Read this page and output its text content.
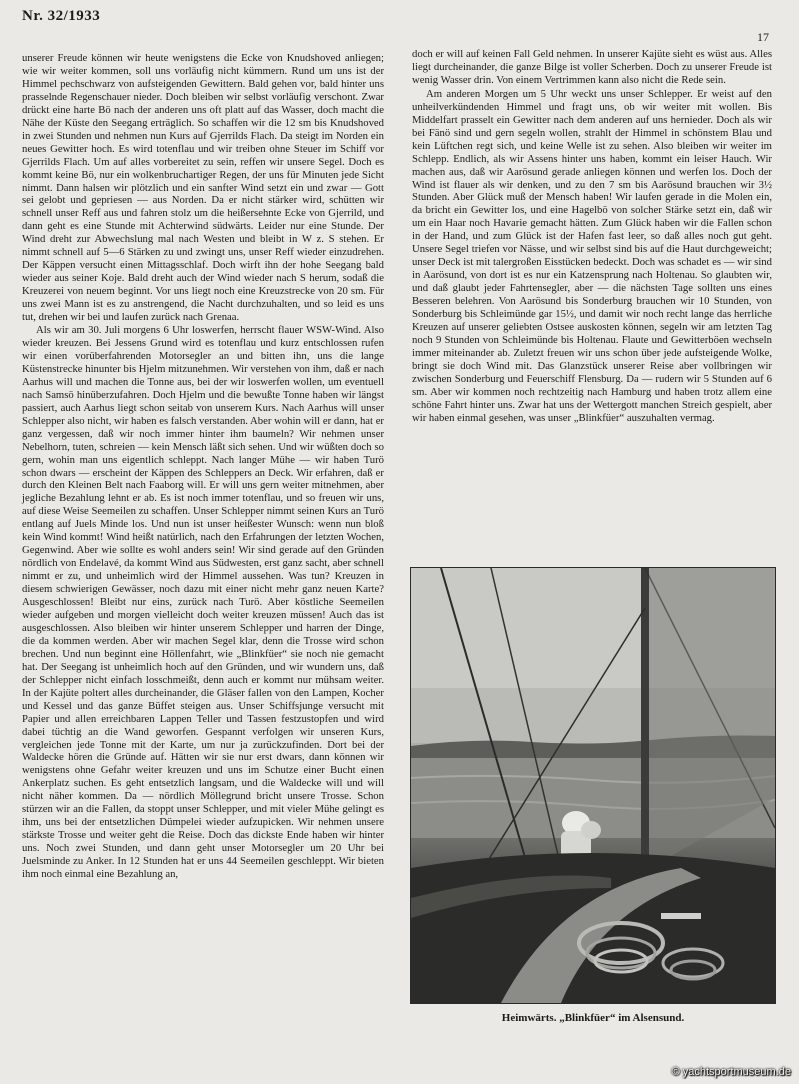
Nr. 32/1933
17

unserer Freude können wir heute wenigstens die Ecke von Knudshoved anliegen; wie wir weiter kommen, soll uns vorläufig nicht kümmern. Rund um uns ist der Himmel pechschwarz von aufsteigenden Gewittern. Bald gehen vor, bald hinter uns prasselnde Regenschauer nieder. Doch bleiben wir selbst vorläufig verschont. Zwar drückt eine harte Bö nach der anderen uns oft platt auf das Wasser, doch macht die Nähe der Küste den Seegang erträglich. So schaffen wir die 12 sm bis Knudshoved in zwei Stunden und nehmen nun Kurs auf Gjerrilds Flach. Da steigt im Norden ein neues Gewitter hoch. Es wird totenflau und wir treiben ohne Steuer im Schiff vor Gjerrilds Flach. Um auf alles vorbereitet zu sein, reffen wir unsere Segel. Doch es kommt keine Bö, nur ein wolkenbruchartiger Regen, der uns für Minuten jede Sicht nimmt. Dann halsen wir plötzlich und ein sanfter Wind setzt ein und zwar — Gott sei gelobt und gepriesen — aus Norden. Da er nicht stärker wird, schütten wir schnell unser Reff aus und fahren stolz um die heißersehnte Ecke von Gjerrild, und dann geht es eine Stunde mit Achterwind südwärts. Leider nur eine Stunde. Der Wind dreht zur Abwechslung mal nach Westen und bleibt in W z. S stehen. Er nimmt schnell auf 5—6 Stärken zu und zwingt uns, unser Reff wieder einzudrehen. Der Käppen versucht einen Mittagsschlaf. Doch wirft ihn der hohe Seegang bald wieder aus seiner Koje. Bald dreht auch der Wind wieder nach S herum, sodaß die Kreuzerei von neuem beginnt. Vor uns liegt noch eine Kreuzstrecke von 20 sm. Für uns zwei Mann ist es zu anstrengend, die Nacht durchzuhalten, und so leid es uns tut, drehen wir bei und laufen zurück nach Grenaa.

Als wir am 30. Juli morgens 6 Uhr loswerfen, herrscht flauer WSW-Wind. Also wieder kreuzen. Bei Jessens Grund wird es totenflau und kurz entschlossen rufen wir einen vorüberfahrenden Motorsegler an und bitten ihn, uns die lange Küstenstrecke hinunter bis Hjelm mitzunehmen. Wir verstehen von ihm, daß er nach Aarhus will und machen die Tonne aus, bei der wir loswerfen wollen, um eventuell nach Samsö hinüberzufahren. Doch Hjelm und die bewußte Tonne haben wir längst passiert, auch Aarhus liegt schon seitab von unserem Kurs. Nach Aarhus will unser Schlepper also nicht, wir haben es falsch verstanden. Aber wohin will er dann, hat er ganz vergessen, daß wir noch immer hinter ihm baumeln? Wir nehmen unser Nebelhorn, tuten, schreien — kein Mensch läßt sich sehen. Und wir wüßten doch so gern, wohin man uns eigentlich schleppt. Nach langer Mühe — wir haben Turö schon dwars — erscheint der Käppen des Schleppers an Deck. Wir erfahren, daß er durch den Kleinen Belt nach Faaborg will. Er will uns gern weiter mitnehmen, aber jegliche Bezahlung lehnt er ab. Es ist noch immer totenflau, und so freuen wir uns, auf diese Weise Seemeilen zu schaffen. Unser Schlepper nimmt seinen Kurs an Turö entlang auf Juels Minde los. Und nun ist unser heißester Wunsch: wenn nun bloß kein Wind kommt! Wind heißt natürlich, nach den Erfahrungen der letzten Wochen, Gegenwind. Aber wie sollte es wohl anders sein! Wir sind gerade auf den Gründen nördlich von Endelavé, da kommt Wind aus Südwesten, erst ganz sacht, aber schnell nimmt er zu, und unheimlich wird der Himmel aussehen. Was tun? Kreuzen in diesem schwierigen Gewässer, noch dazu mit einer nicht mehr ganz neuen Karte? Ausgeschlossen! Bleibt nur eins, zurück nach Turö. Aber köstliche Seemeilen wieder aufgeben und morgen vielleicht doch weiter kreuzen müssen! Auch das ist ausgeschlossen. Also bleiben wir hinter unserem Schlepper und harren der Dinge, die da kommen werden. Aber wir machen Segel klar, denn die Trosse wird schon brechen. Und nun beginnt eine Höllenfahrt, wie „Blinkfüer“ sie noch nie gemacht hat. Der Seegang ist unheimlich hoch auf den Gründen, und wir wundern uns, daß der Schlepper nicht einfach losschmeißt, denn auch er kommt nur mühsam weiter. In der Kajüte poltert alles durcheinander, die Gläser fallen von den Lampen, Kocher und Kessel und das ganze Büffet steigen aus. Unser Schiffsjunge versucht mit Papier und allen erreichbaren Lappen Teller und Tassen festzustopfen und wird dabei tüchtig an die Wand geworfen. Gespannt verfolgen wir unseren Kurs, vergleichen jede Tonne mit der Karte, um nur ja zurückzufinden. Dort bei der Waldecke hören die Gründe auf. Hätten wir sie nur erst dwars, dann können wir wenigstens ohne Gefahr weiter kreuzen und uns im Schutze einer Bucht einen Ankerplatz suchen. Es geht entsetzlich langsam, und die Waldecke will und will nicht näher kommen. Da — nördlich Möllegrund bricht unsere Trosse. Schon stürzen wir an die Fallen, da stoppt unser Schlepper, und mit vieler Mühe gelingt es ihm, uns bei der entsetzlichen Dümpelei wieder aufzupicken. Wir nehmen unsere stärkste Trosse und weiter geht die Reise. Doch das dickste Ende haben wir hinter uns. Noch zwei Stunden, und dann geht unser Motorsegler um 20 Uhr bei Juelsminde zu Anker. In 12 Stunden hat er uns 44 Seemeilen geschleppt. Wir bieten ihm noch einmal eine Bezahlung an,

doch er will auf keinen Fall Geld nehmen. In unserer Kajüte sieht es wüst aus. Alles liegt durcheinander, die ganze Bilge ist voller Scherben. Doch zu unserer Freude ist wenig Wasser drin. Von einem Vertrimmen kann also nicht die Rede sein.

Am anderen Morgen um 5 Uhr weckt uns unser Schlepper. Er weist auf den unheilverkündenden Himmel und fragt uns, ob wir weiter mit wollen. Bis Middelfart prasselt ein Gewitter nach dem anderen auf uns hernieder. Doch als wir bei Fänö sind und gern segeln wollen, strahlt der Himmel in schönstem Blau und kein Lüftchen regt sich, und keine Welle ist zu sehen. Also bleiben wir weiter im Schlepp. Endlich, als wir Assens hinter uns haben, kommt ein leiser Hauch. Wir machen aus, daß wir Aarösund gerade anliegen können und werfen los. Doch der Wind ist flauer als wir denken, und zu den 7 sm bis Aarösund brauchen wir 3½ Stunden. Aber Glück muß der Mensch haben! Wir laufen gerade in die Molen ein, da bricht ein Gewitter los, und eine Hagelbö von solcher Stärke setzt ein, daß wir um ein Haar noch Havarie gemacht hätten. Zum Glück haben wir die Fallen schon in der Hand, und zum Glück ist der Hafen fast leer, so daß alles noch gut geht. Unsere Segel triefen vor Nässe, und wir selbst sind bis auf die Haut durchgeweicht; unser Deck ist mit talergroßen Eisstücken bedeckt. Doch was schadet es — wir sind in Aarösund, von dort ist es nur ein Katzensprung nach Holtenau. So glaubten wir, und daß glaubt jeder Fahrtensegler, aber — die nächsten Tage sollten uns eines Besseren belehren. Von Aarösund bis Sonderburg brauchen wir 10 Stunden, von Sonderburg bis Schleimünde gar 15½, und damit wir noch recht lange das herrliche Kreuzen auf unserer geliebten Ostsee auskosten können, segeln wir am letzten Tag noch 9 Stunden von Schleimünde bis Holtenau. Flaute und Gewitterböen wechseln immer miteinander ab. Zuletzt freuen wir uns schon über jede aufsteigende Wolke, bringt sie doch Wind mit. Das Glanzstück unserer Reise aber vollbringen wir zwischen Sonderburg und Feuerschiff Flensburg. Da — rudern wir 5 Stunden auf 6 sm. Aber wir kommen noch rechtzeitig nach Hamburg und haben trotz allem eine schöne Fahrt hinter uns. Zwar hat uns der Wettergott manchen Streich gespielt, aber wir haben einmal gesehen, was unser „Blinkfüer“ auszuhalten vermag.

Heimwärts. „Blinkfüer“ im Alsensund.
© yachtsportmuseum.de
